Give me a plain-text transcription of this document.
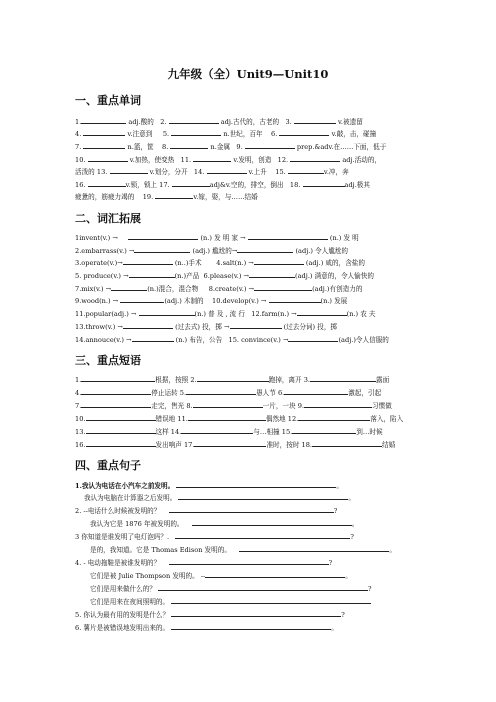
九年级（全）Unit9—Unit10
一、重点单词
1.	adj.酸的 2.	adj.古代的，古老的 3.	v.被遗留
4.	v.注意到 5.	n.世纪，百年 6.	v.敲，击，碰撞
7.	n.篮，筐 8.	n.金属 9.	prep.&adv.在……下面，低于
10.	v.加热，使变热 11.	v.发明，创造 12.	adj.活动的，
活泼的 13.	v.划分，分开 14.	v.上升 15.	v.冲，奔
16.	v.锁，锁上 17.	adj&v.空的，排空，倒出 18.	adj.极其
疲惫的，筋疲力竭的 19.	v.嫁，娶，与……结婚
二、词汇拓展
1invent(v.) →	(n.) 发 明 家 →	(n.) 发 明
2.embarrass(v.) →	(adj.) 尴尬的→	(adj.) 令人尴尬的
3.operate(v.)→	(n..)手术 4.salt(n.) →	(adj.) 咸的，含盐的
5. produce(v.) →	(n.)产品 6.please(v.) →	(adj.) 满意的，令人愉快的
7.mix(v.) →	(n.)混合，混合物 8.create(v.) →	(adj.)有创造力的
9.wood(n.) →	(adj.) 木制的 10.develop(v.) →	(n.) 发展
11.popular(adj.) →	(n.) 普 及 , 流 行 12.farm(n.) →	(n.) 农 夫
13.throw(v.) →	(过去式) 投，掷 →	(过去分词) 投，掷
14.annouce(v.) →	(n.) 布告，公告 15. convince(v.) →	(adj.)令人信服的
三、重点短语
1.	根据，按照 2.	跑掉，离开 3.	露面
4.	停止运转 5.	愚人节 6.	激起，引起
7.	走完，售光 8.	一片，一块 9.	习惯做
10.	错误地 11.	偶然地 12.	落入，陷入
13.	这样 14.	与…相撞 15.	到…时候
16.	发出响声 17.	准时，按时 18.	结婚
四、重点句子
1.我认为电话在小汽车之前发明。	。
我认为电脑在计算器之后发明。	。
2. --电话什么时候被发明的？	?
我认为它是 1876 年被发明的。	。
3 你知道是谁发明了电灯泡吗？.	?
是的，我知道。它是 Thomas Edison 发明的。	。
4. - 电动拖鞋是被谁发明的？	?
它们是被 Julie Thompson 发明的。 --	。
它们是用来做什么的？	?
它们是用来在夜间照明的。
5. 你认为最有用的发明是什么？	?
6. 薯片是被错误地发明出来的。	。
